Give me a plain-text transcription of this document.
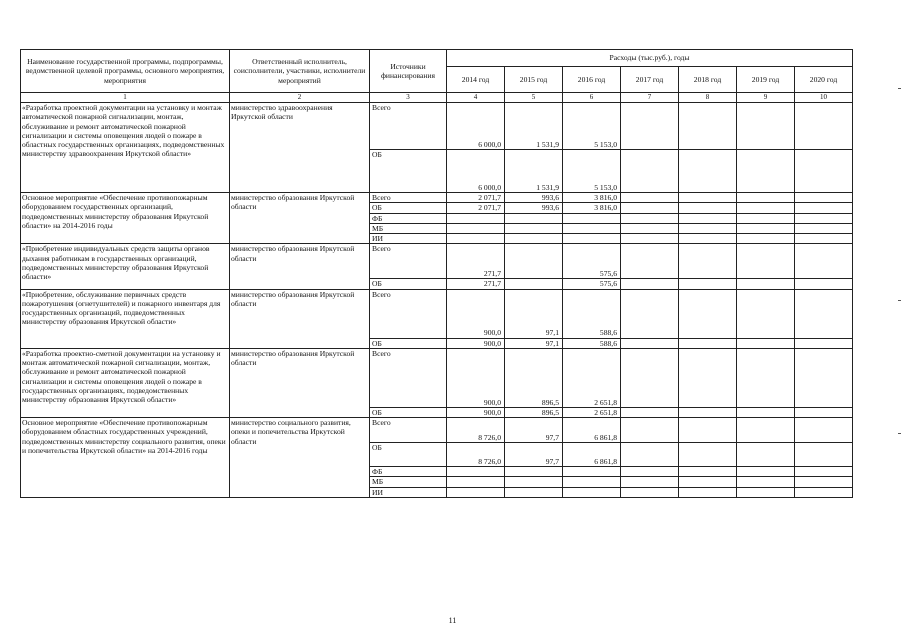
Наименование государственной программы, подпрограммы, ведомственной целевой программы, основного мероприятия, мероприятия	Ответственный исполнитель, соисполнители, участники, исполнители мероприятий	Источники финансирования	Расходы (тыс.руб.), годы						
			2014 год	2015 год	2016 год	2017 год	2018 год	2019 год	2020 год
1	2	3	4	5	6	7	8	9	10
«Разработка проектной документации на установку и монтаж автоматической пожарной сигнализации, монтаж, обслуживание и ремонт автоматической пожарной сигнализации и системы оповещения людей о пожаре в областных государственных организациях, подведомственных министерству здравоохранения Иркутской области»	министерство здравоохранения Иркутской области	Всего	6 000,0	1 531,9	5 153,0				
		ОБ	6 000,0	1 531,9	5 153,0				
Основное мероприятие «Обеспечение противопожарным оборудованием государственных организаций, подведомственных министерству образования Иркутской области» на 2014-2016 годы	министерство образования Иркутской области	Всего	2 071,7	993,6	3 816,0				
		ОБ	2 071,7	993,6	3 816,0				
		ФБ							
		МБ							
		ИИ							
«Приобретение индивидуальных средств защиты органов дыхания работникам в государственных организаций, подведомственных министерству образования Иркутской области»	министерство образования Иркутской области	Всего	271,7		575,6				
		ОБ	271,7		575,6				
«Приобретение, обслуживание первичных средств пожаротушения (огнетушителей) и пожарного инвентаря для государственных организаций, подведомственных министерству образования Иркутской области»	министерство образования Иркутской области	Всего	900,0	97,1	588,6				
		ОБ	900,0	97,1	588,6				
«Разработка проектно-сметной документации на установку и монтаж автоматической пожарной сигнализации, монтаж, обслуживание и ремонт автоматической пожарной сигнализации и системы оповещения людей о пожаре в государственных организациях, подведомственных министерству образования Иркутской области»	министерство образования Иркутской области	Всего	900,0	896,5	2 651,8				
		ОБ	900,0	896,5	2 651,8				
Основное мероприятие «Обеспечение противопожарным оборудованием областных государственных учреждений, подведомственных министерству социального развития, опеки и попечительства Иркутской области» на 2014-2016 годы	министерство социального развития, опеки и попечительства Иркутской области	Всего	8 726,0	97,7	6 861,8				
		ОБ	8 726,0	97,7	6 861,8				
		ФБ							
		МБ							
		ИИ							
11
